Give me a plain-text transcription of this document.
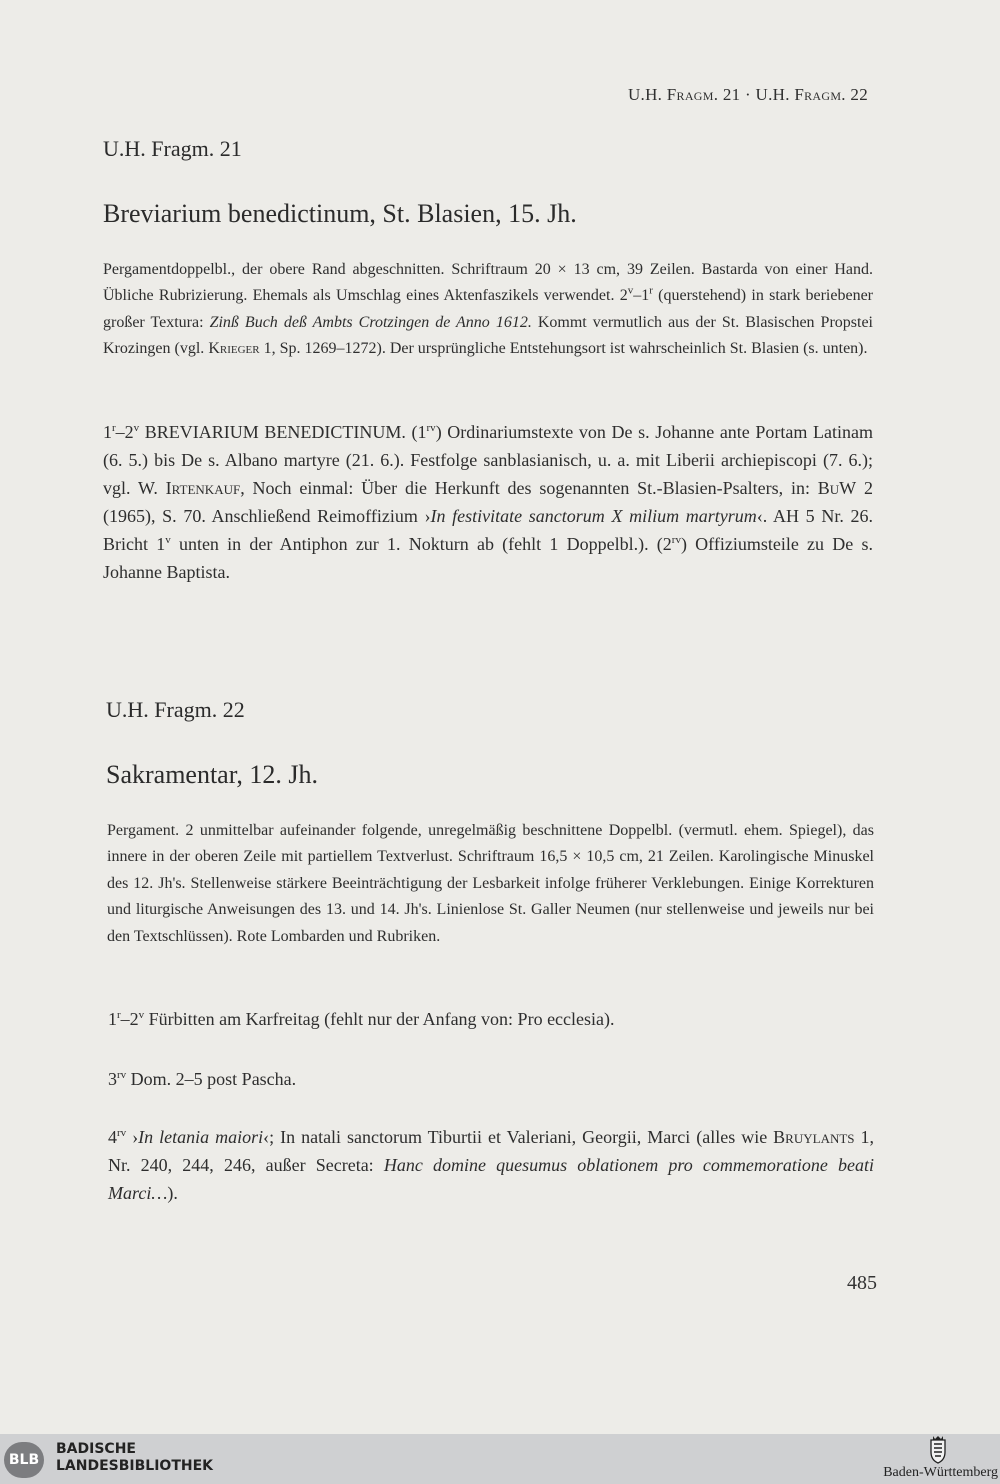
U.H. Fragm. 21 · U.H. Fragm. 22
U.H. Fragm. 21
Breviarium benedictinum, St. Blasien, 15. Jh.
Pergamentdoppelbl., der obere Rand abgeschnitten. Schriftraum 20 × 13 cm, 39 Zeilen. Bastarda von einer Hand. Übliche Rubrizierung. Ehemals als Umschlag eines Aktenfaszikels verwendet. 2$^v$–1$^r$ (querstehend) in stark beriebener großer Textura: Zinß Buch deß Ambts Crotzingen de Anno 1612. Kommt vermutlich aus der St. Blasischen Propstei Krozingen (vgl. Krieger 1, Sp. 1269–1272). Der ursprüngliche Entstehungsort ist wahrscheinlich St. Blasien (s. unten).
1$^r$–2$^v$ BREVIARIUM BENEDICTINUM. $(1^{rv})$ Ordinariumstexte von De s. Johanne ante Portam Latinam (6. 5.) bis De s. Albano martyre (21. 6.). Festfolge sanblasianisch, u. a. mit Liberii archiepiscopi (7. 6.); vgl. W. Irtenkauf, Noch einmal: Über die Herkunft des sogenannten St.-Blasien-Psalters, in: BuW 2 (1965), S. 70. Anschließend Reimoffizium ›In festivitate sanctorum X milium martyrum‹. AH 5 Nr. 26. Bricht 1$^v$ unten in der Antiphon zur 1. Nokturn ab (fehlt 1 Doppelbl.). $(2^{rv})$ Offiziumsteile zu De s. Johanne Baptista.
U.H. Fragm. 22
Sakramentar, 12. Jh.
Pergament. 2 unmittelbar aufeinander folgende, unregelmäßig beschnittene Doppelbl. (vermutl. ehem. Spiegel), das innere in der oberen Zeile mit partiellem Textverlust. Schriftraum 16,5 × 10,5 cm, 21 Zeilen. Karolingische Minuskel des 12. Jh's. Stellenweise stärkere Beeinträchtigung der Lesbarkeit infolge früherer Verklebungen. Einige Korrekturen und liturgische Anweisungen des 13. und 14. Jh's. Linienlose St. Galler Neumen (nur stellenweise und jeweils nur bei den Textschlüssen). Rote Lombarden und Rubriken.
1$^r$–2$^v$ Fürbitten am Karfreitag (fehlt nur der Anfang von: Pro ecclesia).
$3^{rv}$ Dom. 2–5 post Pascha.
$4^{rv}$ ›In letania maiori‹; In natali sanctorum Tiburtii et Valeriani, Georgii, Marci (alles wie Bruylants 1, Nr. 240, 244, 246, außer Secreta: Hanc domine quesumus oblationem pro commemoratione beati Marci…).
485
BLB
BADISCHE
LANDESBIBLIOTHEK	Baden-Württemberg
